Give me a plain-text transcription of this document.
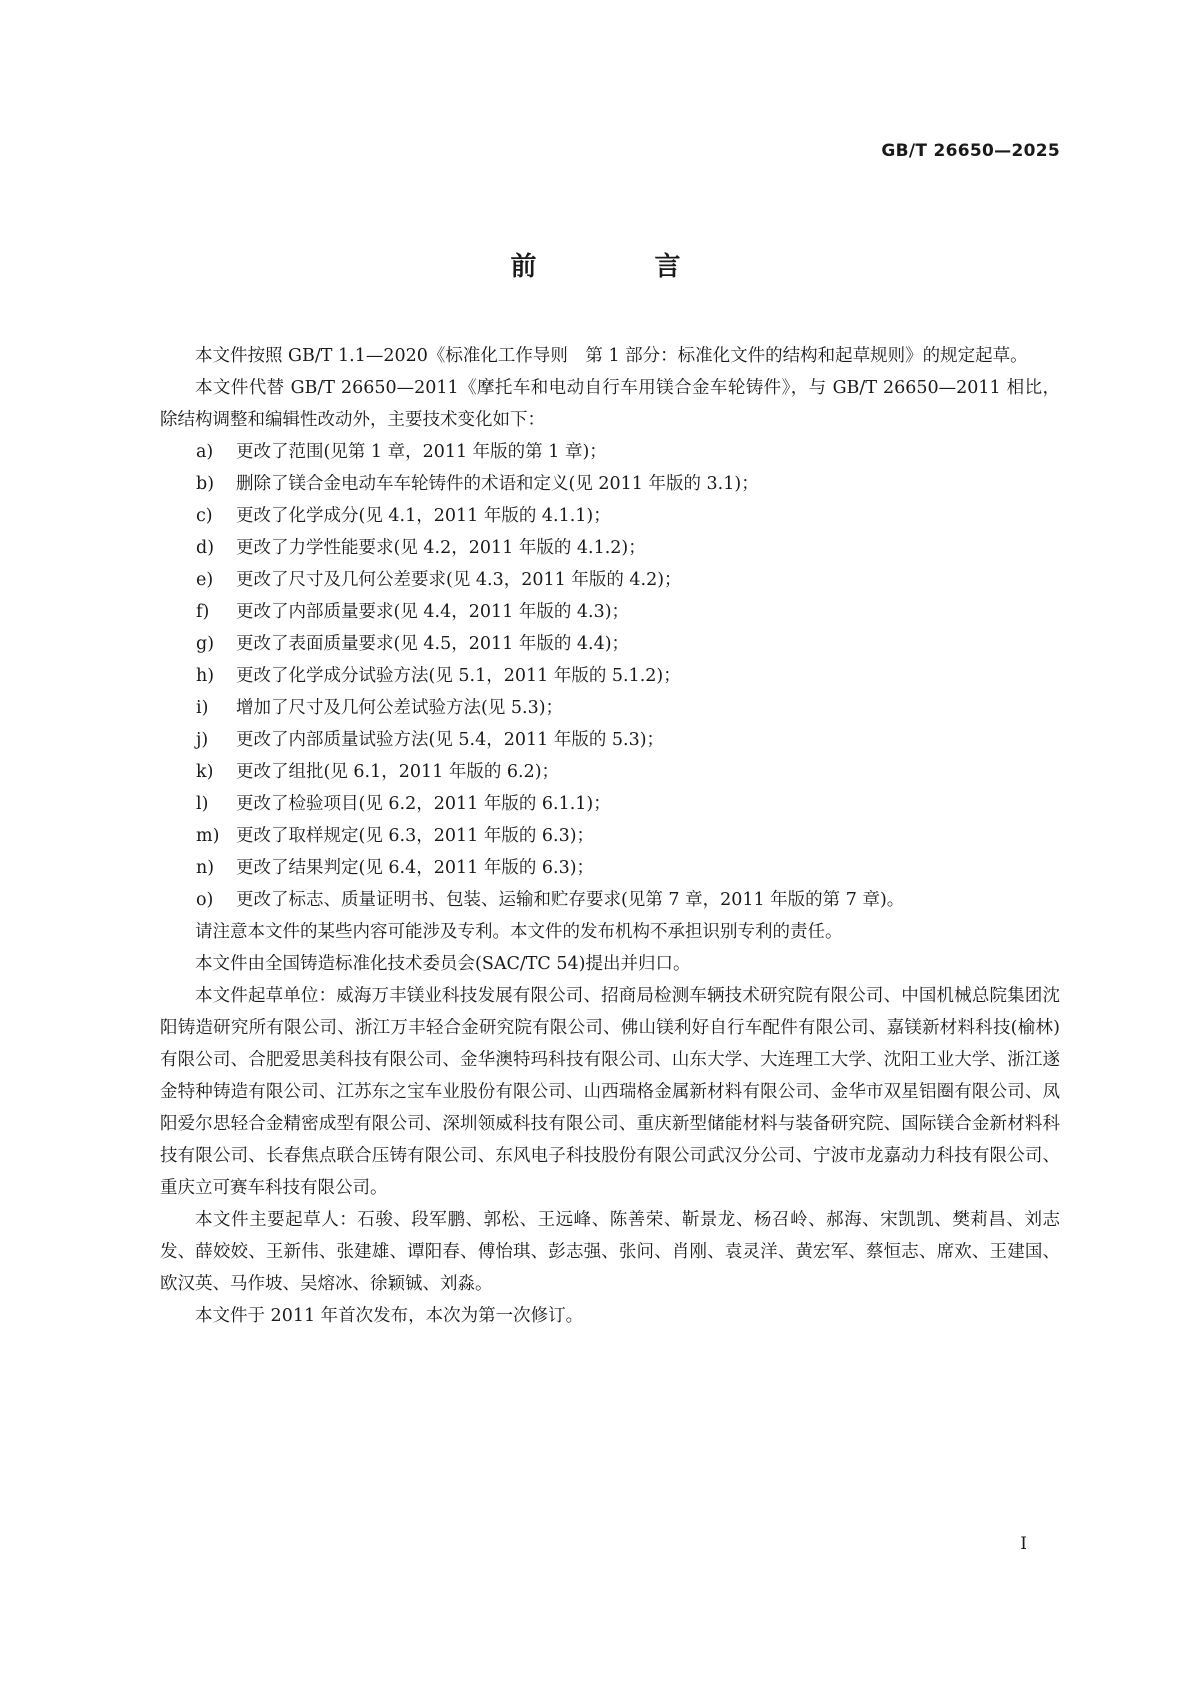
GB/T 26650—2025
前　言

本文件按照 GB/T 1.1—2020《标准化工作导则　第 1 部分：标准化文件的结构和起草规则》的规定起草。

本文件代替 GB/T 26650—2011《摩托车和电动自行车用镁合金车轮铸件》，与 GB/T 26650—2011 相比，除结构调整和编辑性改动外，主要技术变化如下：

a)	更改了范围(见第 1 章，2011 年版的第 1 章)；
b)	删除了镁合金电动车车轮铸件的术语和定义(见 2011 年版的 3.1)；
c)	更改了化学成分(见 4.1，2011 年版的 4.1.1)；
d)	更改了力学性能要求(见 4.2，2011 年版的 4.1.2)；
e)	更改了尺寸及几何公差要求(见 4.3，2011 年版的 4.2)；
f)	更改了内部质量要求(见 4.4，2011 年版的 4.3)；
g)	更改了表面质量要求(见 4.5，2011 年版的 4.4)；
h)	更改了化学成分试验方法(见 5.1，2011 年版的 5.1.2)；
i)	增加了尺寸及几何公差试验方法(见 5.3)；
j)	更改了内部质量试验方法(见 5.4，2011 年版的 5.3)；
k)	更改了组批(见 6.1，2011 年版的 6.2)；
l)	更改了检验项目(见 6.2，2011 年版的 6.1.1)；
m) 更改了取样规定(见 6.3，2011 年版的 6.3)；
n)	更改了结果判定(见 6.4，2011 年版的 6.3)；
o)	更改了标志、质量证明书、包装、运输和贮存要求(见第 7 章，2011 年版的第 7 章)。

请注意本文件的某些内容可能涉及专利。本文件的发布机构不承担识别专利的责任。

本文件由全国铸造标准化技术委员会(SAC/TC 54)提出并归口。

本文件起草单位：威海万丰镁业科技发展有限公司、招商局检测车辆技术研究院有限公司、中国机械总院集团沈阳铸造研究所有限公司、浙江万丰轻合金研究院有限公司、佛山镁利好自行车配件有限公司、嘉镁新材料科技(榆林)有限公司、合肥爱思美科技有限公司、金华澳特玛科技有限公司、山东大学、大连理工大学、沈阳工业大学、浙江遂金特种铸造有限公司、江苏东之宝车业股份有限公司、山西瑞格金属新材料有限公司、金华市双星铝圈有限公司、凤阳爱尔思轻合金精密成型有限公司、深圳领威科技有限公司、重庆新型储能材料与装备研究院、国际镁合金新材料科技有限公司、长春焦点联合压铸有限公司、东风电子科技股份有限公司武汉分公司、宁波市龙嘉动力科技有限公司、重庆立可赛车科技有限公司。

本文件主要起草人：石骏、段军鹏、郭松、王远峰、陈善荣、靳景龙、杨召岭、郝海、宋凯凯、樊莉昌、刘志发、薛姣姣、王新伟、张建雄、谭阳春、傅怡琪、彭志强、张问、肖刚、袁灵洋、黄宏军、蔡恒志、席欢、王建国、欧汉英、马作坡、吴熔冰、徐颖铖、刘淼。

本文件于 2011 年首次发布，本次为第一次修订。

I
